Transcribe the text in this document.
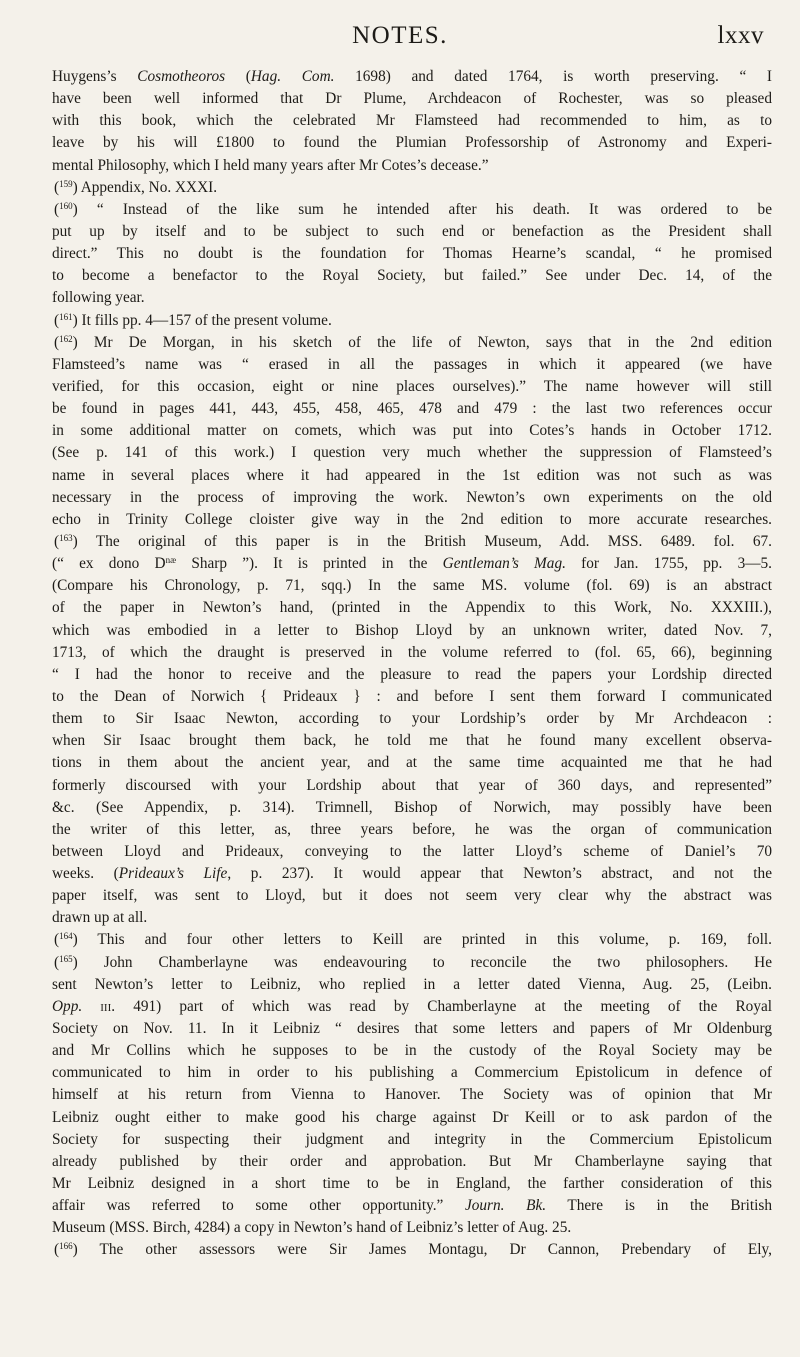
NOTES.	lxxv
Huygens’s Cosmotheoros (Hag. Com. 1698) and dated 1764, is worth preserving. “ I
have been well informed that Dr Plume, Archdeacon of Rochester, was so pleased
with this book, which the celebrated Mr Flamsteed had recommended to him, as to
leave by his will £1800 to found the Plumian Professorship of Astronomy and Experi-
mental Philosophy, which I held many years after Mr Cotes’s decease.”
($^{159}$) Appendix, No. XXXI.
($^{160}$) “ Instead of the like sum he intended after his death. It was ordered to be
put up by itself and to be subject to such end or benefaction as the President shall
direct.” This no doubt is the foundation for Thomas Hearne’s scandal, “ he promised
to become a benefactor to the Royal Society, but failed.” See under Dec. 14, of the
following year.
($^{161}$) It fills pp. 4—157 of the present volume.
($^{162}$) Mr De Morgan, in his sketch of the life of Newton, says that in the 2nd edition
Flamsteed’s name was “ erased in all the passages in which it appeared (we have
verified, for this occasion, eight or nine places ourselves).” The name however will still
be found in pages 441, 443, 455, 458, 465, 478 and 479 : the last two references occur
in some additional matter on comets, which was put into Cotes’s hands in October 1712.
(See p. 141 of this work.) I question very much whether the suppression of Flamsteed’s
name in several places where it had appeared in the 1st edition was not such as was
necessary in the process of improving the work. Newton’s own experiments on the old
echo in Trinity College cloister give way in the 2nd edition to more accurate researches.
($^{163}$) The original of this paper is in the British Museum, Add. MSS. 6489. fol. 67.
(“ ex dono $D^{næ}$ Sharp ”). It is printed in the Gentleman’s Mag. for Jan. 1755, pp. 3—5.
(Compare his Chronology, p. 71, sqq.) In the same MS. volume (fol. 69) is an abstract
of the paper in Newton’s hand, (printed in the Appendix to this Work, No. XXXIII.),
which was embodied in a letter to Bishop Lloyd by an unknown writer, dated Nov. 7,
1713, of which the draught is preserved in the volume referred to (fol. 65, 66), beginning
“ I had the honor to receive and the pleasure to read the papers your Lordship directed
to the Dean of Norwich { Prideaux } : and before I sent them forward I communicated
them to Sir Isaac Newton, according to your Lordship’s order by Mr Archdeacon :
when Sir Isaac brought them back, he told me that he found many excellent observa-
tions in them about the ancient year, and at the same time acquainted me that he had
formerly discoursed with your Lordship about that year of 360 days, and represented”
&c. (See Appendix, p. 314). Trimnell, Bishop of Norwich, may possibly have been
the writer of this letter, as, three years before, he was the organ of communication
between Lloyd and Prideaux, conveying to the latter Lloyd’s scheme of Daniel’s 70
weeks. (Prideaux’s Life, p. 237). It would appear that Newton’s abstract, and not the
paper itself, was sent to Lloyd, but it does not seem very clear why the abstract was
drawn up at all.
($^{164}$) This and four other letters to Keill are printed in this volume, p. 169, foll.
($^{165}$) John Chamberlayne was endeavouring to reconcile the two philosophers. He
sent Newton’s letter to Leibniz, who replied in a letter dated Vienna, Aug. 25, (Leibn.
Opp. iii. 491) part of which was read by Chamberlayne at the meeting of the Royal
Society on Nov. 11. In it Leibniz “ desires that some letters and papers of Mr Oldenburg
and Mr Collins which he supposes to be in the custody of the Royal Society may be
communicated to him in order to his publishing a Commercium Epistolicum in defence of
himself at his return from Vienna to Hanover. The Society was of opinion that Mr
Leibniz ought either to make good his charge against Dr Keill or to ask pardon of the
Society for suspecting their judgment and integrity in the Commercium Epistolicum
already published by their order and approbation. But Mr Chamberlayne saying that
Mr Leibniz designed in a short time to be in England, the farther consideration of this
affair was referred to some other opportunity.” Journ. Bk. There is in the British
Museum (MSS. Birch, 4284) a copy in Newton’s hand of Leibniz’s letter of Aug. 25.
($^{166}$) The other assessors were Sir James Montagu, Dr Cannon, Prebendary of Ely,
